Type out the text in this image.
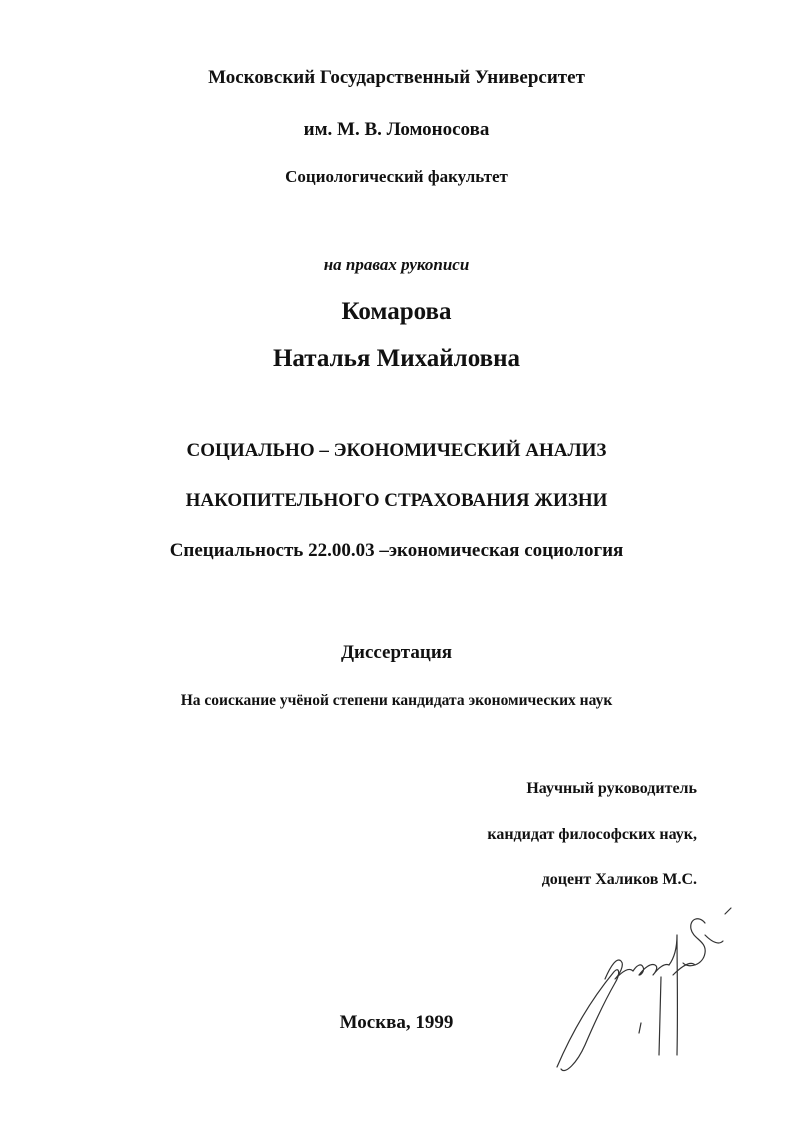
Московский Государственный Университет
им. М. В. Ломоносова
Социологический факультет
на правах рукописи
Комарова
Наталья Михайловна
СОЦИАЛЬНО – ЭКОНОМИЧЕСКИЙ АНАЛИЗ
НАКОПИТЕЛЬНОГО СТРАХОВАНИЯ ЖИЗНИ
Специальность 22.00.03 –экономическая социология
Диссертация
На соискание учёной степени кандидата экономических наук
Научный руководитель
кандидат философских наук,
доцент Халиков М.С.
Москва, 1999
